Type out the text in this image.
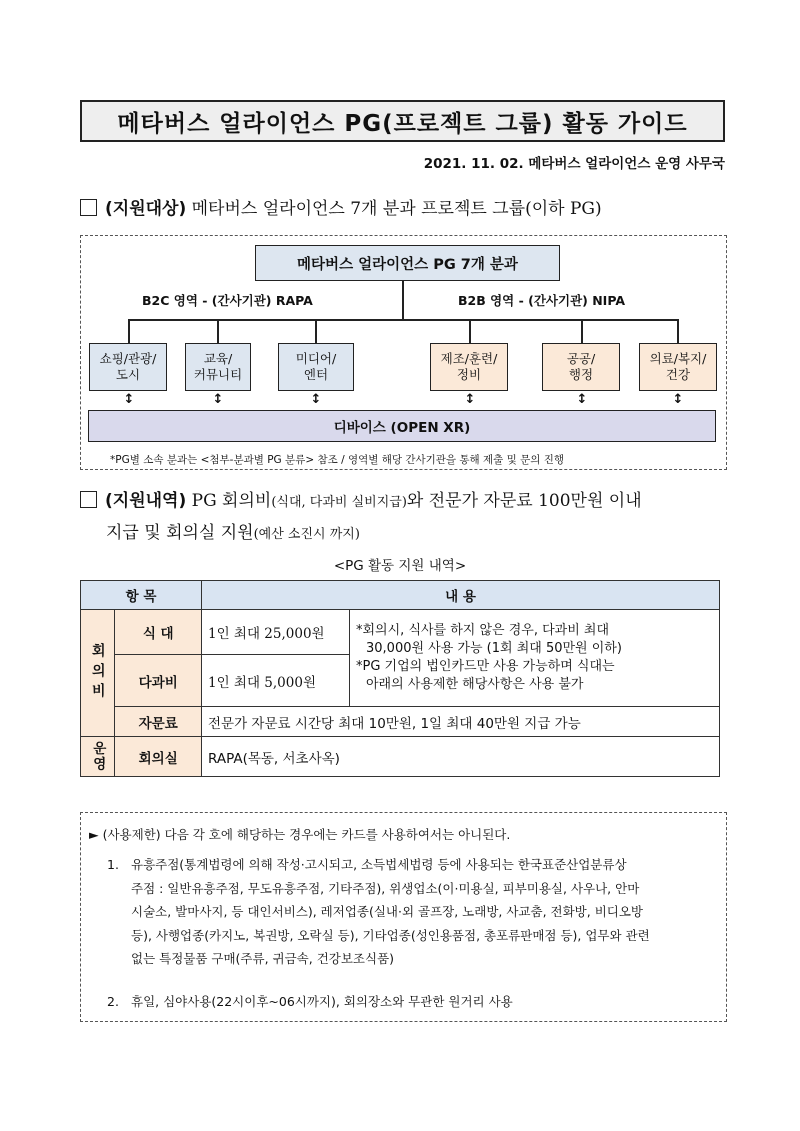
메타버스 얼라이언스 PG(프로젝트 그룹) 활동 가이드
2021. 11. 02. 메타버스 얼라이언스 운영 사무국
(지원대상) 메타버스 얼라이언스 7개 분과 프로젝트 그룹(이하 PG)
메타버스 얼라이언스 PG 7개 분과
B2C 영역 - (간사기관) RAPA	B2B 영역 - (간사기관) NIPA
쇼핑/관광/
도시
교육/
커뮤니티
미디어/
엔터
제조/훈련/
정비
공공/
행정
의료/복지/
건강
↕	↕	↕	↕	↕	↕
디바이스 (OPEN XR)
*PG별 소속 분과는 <첨부-분과별 PG 분류> 참조 / 영역별 해당 간사기관을 통해 제출 및 문의 진행
(지원내역) PG 회의비(식대, 다과비 실비지급)와 전문가 자문료 100만원 이내
지급 및 회의실 지원(예산 소진시 까지)
<PG 활동 지원 내역>
항 목		내 용	
회의비	식 대	1인 최대 25,000원	*회의시, 식사를 하지 않은 경우, 다과비 최대
30,000원 사용 가능 (1회 최대 50만원 이하)
*PG 기업의 법인카드만 사용 가능하며 식대는
아래의 사용제한 해당사항은 사용 불가

	다과비	1인 최대 5,000원	
	자문료	전문가 자문료 시간당 최대 10만원, 1일 최대 40만원 지급 가능	
운영	회의실	RAPA(목동, 서초사옥)	
► (사용제한) 다음 각 호에 해당하는 경우에는 카드를 사용하여서는 아니된다.
1. 유흥주점(통계법령에 의해 작성·고시되고, 소득법세법령 등에 사용되는 한국표준산업분류상
주점 : 일반유흥주점, 무도유흥주점, 기타주점), 위생업소(이·미용실, 피부미용실, 사우나, 안마
시술소, 발마사지, 등 대인서비스), 레저업종(실내·외 골프장, 노래방, 사교춤, 전화방, 비디오방
등), 사행업종(카지노, 복권방, 오락실 등), 기타업종(성인용품점, 총포류판매점 등), 업무와 관련
없는 특정물품 구매(주류, 귀금속, 건강보조식품)
2. 휴일, 심야사용(22시이후~06시까지), 회의장소와 무관한 원거리 사용
